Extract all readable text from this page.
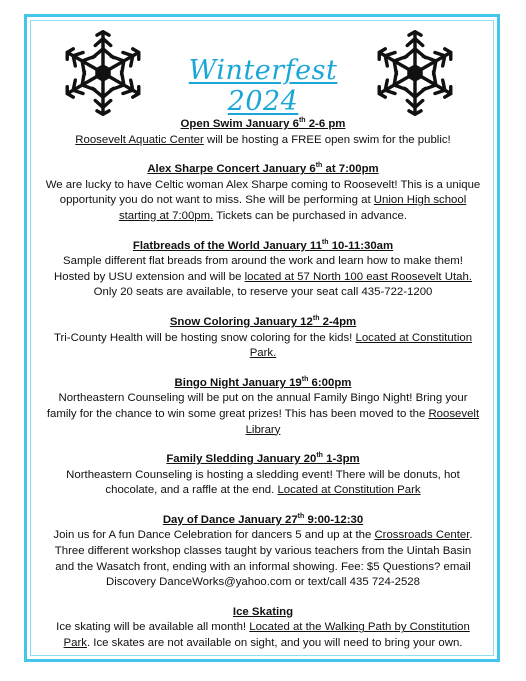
Winterfest 2024
Open Swim January 6th 2-6 pm
Roosevelt Aquatic Center will be hosting a FREE open swim for the public!
Alex Sharpe Concert January 6th at 7:00pm
We are lucky to have Celtic woman Alex Sharpe coming to Roosevelt! This is a unique opportunity you do not want to miss. She will be performing at Union High school starting at 7:00pm. Tickets can be purchased in advance.
Flatbreads of the World January 11th 10-11:30am
Sample different flat breads from around the work and learn how to make them! Hosted by USU extension and will be located at 57 North 100 east Roosevelt Utah. Only 20 seats are available, to reserve your seat call 435-722-1200
Snow Coloring January 12th 2-4pm
Tri-County Health will be hosting snow coloring for the kids! Located at Constitution Park.
Bingo Night January 19th 6:00pm
Northeastern Counseling will be put on the annual Family Bingo Night! Bring your family for the chance to win some great prizes! This has been moved to the Roosevelt Library
Family Sledding January 20th 1-3pm
Northeastern Counseling is hosting a sledding event! There will be donuts, hot chocolate, and a raffle at the end. Located at Constitution Park
Day of Dance January 27th 9:00-12:30
Join us for A fun Dance Celebration for dancers 5 and up at the Crossroads Center. Three different workshop classes taught by various teachers from the Uintah Basin and the Wasatch front, ending with an informal showing. Fee: $5 Questions? email Discovery DanceWorks@yahoo.com or text/call 435 724-2528
Ice Skating
Ice skating will be available all month! Located at the Walking Path by Constitution Park. Ice skates are not available on sight, and you will need to bring your own.
